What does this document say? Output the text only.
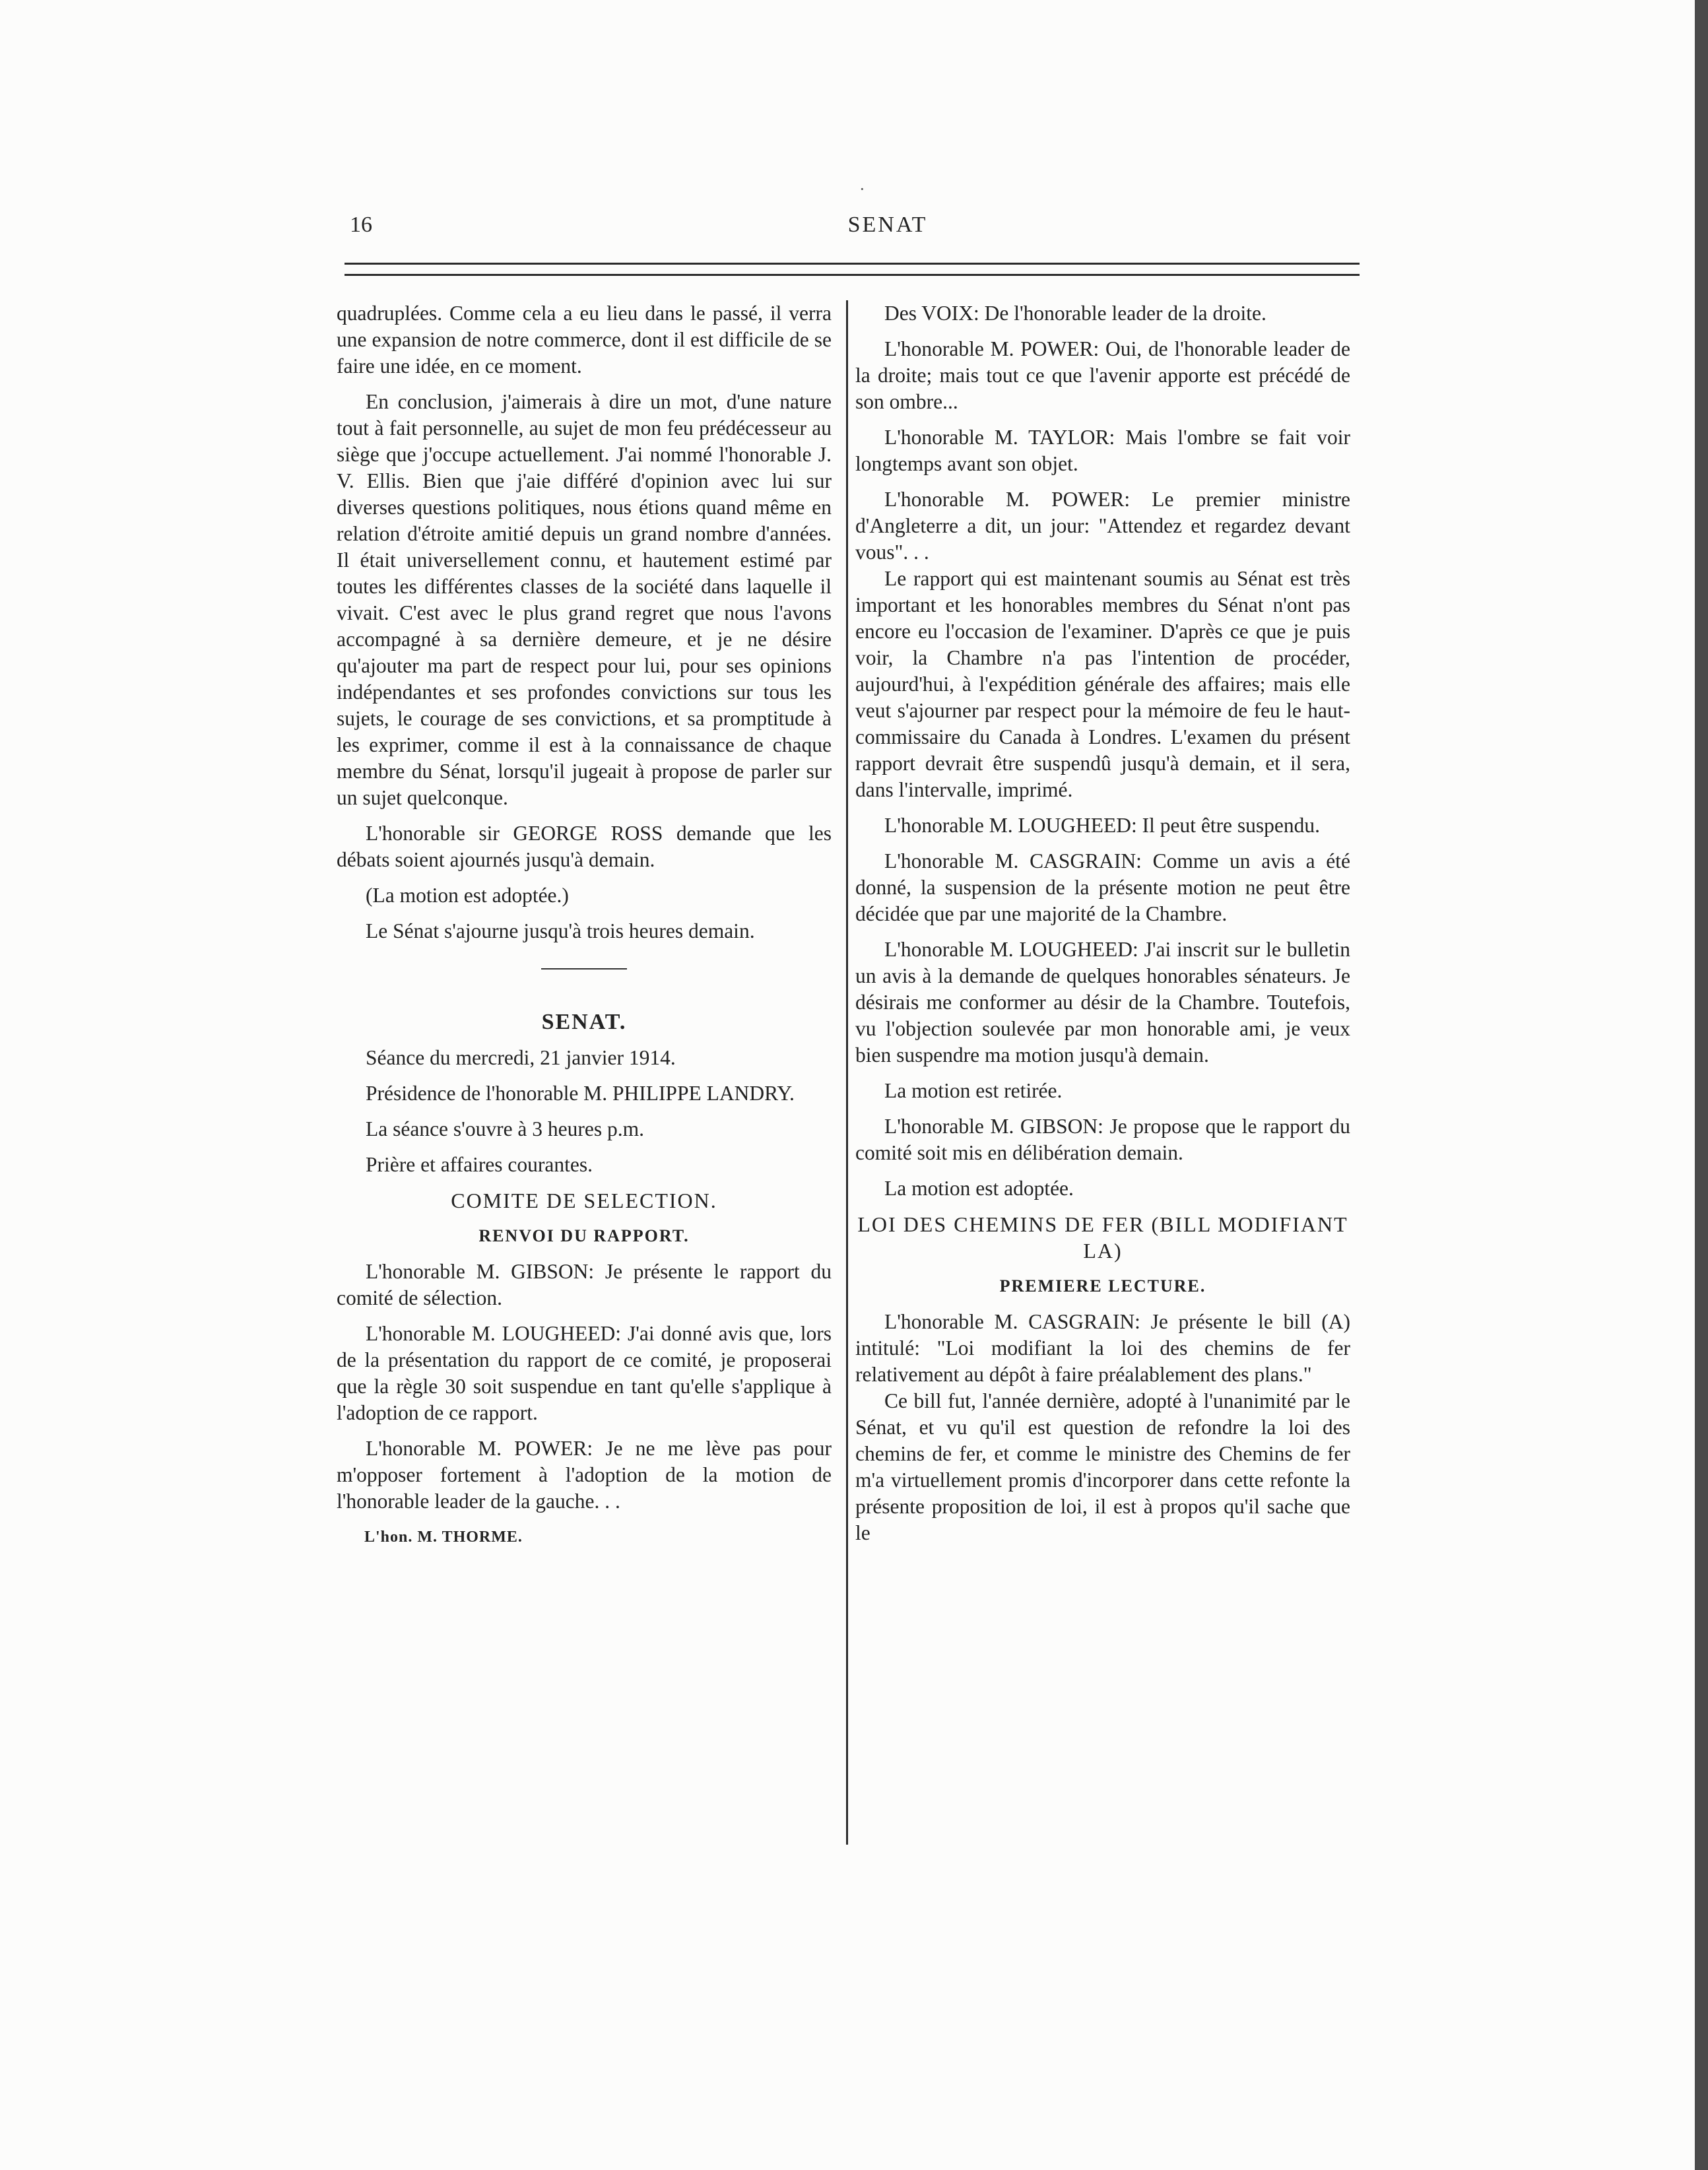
·
16	SENAT

quadruplées. Comme cela a eu lieu dans le passé, il verra une expansion de notre commerce, dont il est difficile de se faire une idée, en ce moment.

En conclusion, j'aimerais à dire un mot, d'une nature tout à fait personnelle, au sujet de mon feu prédécesseur au siège que j'occupe actuellement. J'ai nommé l'honorable J. V. Ellis. Bien que j'aie différé d'opinion avec lui sur diverses questions politiques, nous étions quand même en relation d'étroite amitié depuis un grand nombre d'années. Il était universellement connu, et hautement estimé par toutes les différentes classes de la société dans laquelle il vivait. C'est avec le plus grand regret que nous l'avons accompagné à sa dernière demeure, et je ne désire qu'ajouter ma part de respect pour lui, pour ses opinions indépendantes et ses profondes convictions sur tous les sujets, le courage de ses convictions, et sa promptitude à les exprimer, comme il est à la connaissance de chaque membre du Sénat, lorsqu'il jugeait à propose de parler sur un sujet quelconque.

L'honorable sir GEORGE ROSS demande que les débats soient ajournés jusqu'à demain.

(La motion est adoptée.)

Le Sénat s'ajourne jusqu'à trois heures demain.

SENAT.

Séance du mercredi, 21 janvier 1914.

Présidence de l'honorable M. PHILIPPE LANDRY.

La séance s'ouvre à 3 heures p.m.

Prière et affaires courantes.

COMITE DE SELECTION.

RENVOI DU RAPPORT.

L'honorable M. GIBSON: Je présente le rapport du comité de sélection.

L'honorable M. LOUGHEED: J'ai donné avis que, lors de la présentation du rapport de ce comité, je proposerai que la règle 30 soit suspendue en tant qu'elle s'applique à l'adoption de ce rapport.

L'honorable M. POWER: Je ne me lève pas pour m'opposer fortement à l'adoption de la motion de l'honorable leader de la gauche. . .

L'hon. M. THORME.

Des VOIX: De l'honorable leader de la droite.

L'honorable M. POWER: Oui, de l'honorable leader de la droite; mais tout ce que l'avenir apporte est précédé de son ombre...

L'honorable M. TAYLOR: Mais l'ombre se fait voir longtemps avant son objet.

L'honorable M. POWER: Le premier ministre d'Angleterre a dit, un jour: "Attendez et regardez devant vous". . .

Le rapport qui est maintenant soumis au Sénat est très important et les honorables membres du Sénat n'ont pas encore eu l'occasion de l'examiner. D'après ce que je puis voir, la Chambre n'a pas l'intention de procéder, aujourd'hui, à l'expédition générale des affaires; mais elle veut s'ajourner par respect pour la mémoire de feu le haut-commissaire du Canada à Londres. L'examen du présent rapport devrait être suspendû jusqu'à demain, et il sera, dans l'intervalle, imprimé.

L'honorable M. LOUGHEED: Il peut être suspendu.

L'honorable M. CASGRAIN: Comme un avis a été donné, la suspension de la présente motion ne peut être décidée que par une majorité de la Chambre.

L'honorable M. LOUGHEED: J'ai inscrit sur le bulletin un avis à la demande de quelques honorables sénateurs. Je désirais me conformer au désir de la Chambre. Toutefois, vu l'objection soulevée par mon honorable ami, je veux bien suspendre ma motion jusqu'à demain.

La motion est retirée.

L'honorable M. GIBSON: Je propose que le rapport du comité soit mis en délibération demain.

La motion est adoptée.

LOI DES CHEMINS DE FER (BILL MODIFIANT LA)

PREMIERE LECTURE.

L'honorable M. CASGRAIN: Je présente le bill (A) intitulé: "Loi modifiant la loi des chemins de fer relativement au dépôt à faire préalablement des plans."

Ce bill fut, l'année dernière, adopté à l'unanimité par le Sénat, et vu qu'il est question de refondre la loi des chemins de fer, et comme le ministre des Chemins de fer m'a virtuellement promis d'incorporer dans cette refonte la présente proposition de loi, il est à propos qu'il sache que le
